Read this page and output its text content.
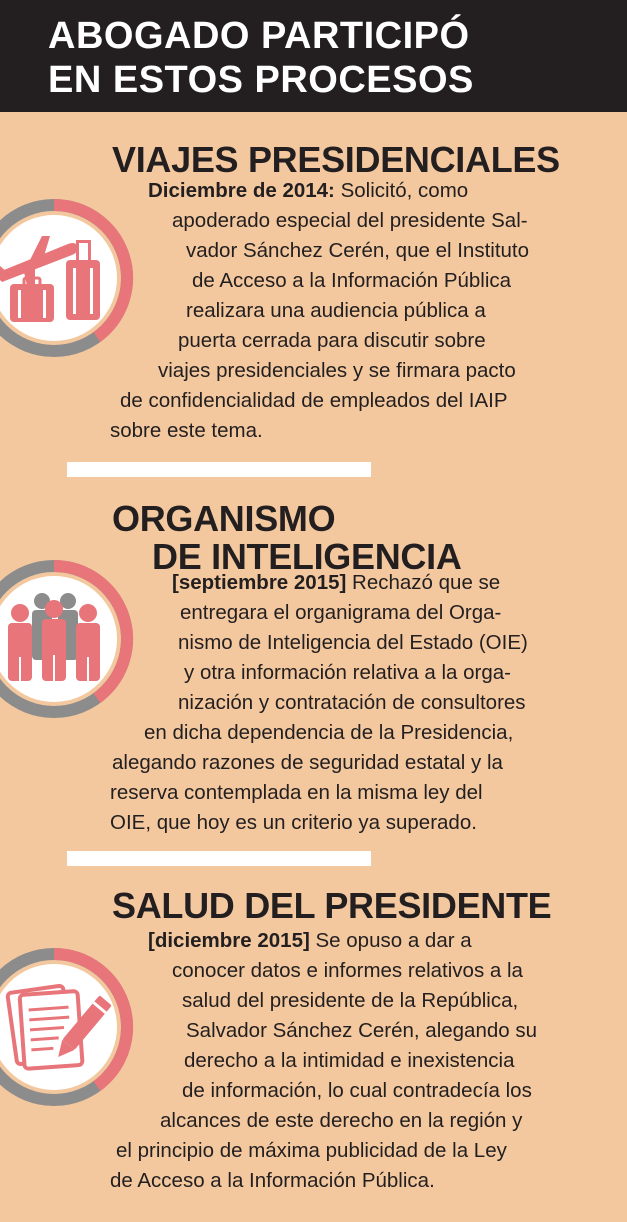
ABOGADO PARTICIPÓ
EN ESTOS PROCESOS
VIAJES PRESIDENCIALES
Diciembre de 2014: Solicitó, como
apoderado especial del presidente Sal-
vador Sánchez Cerén, que el Instituto
de Acceso a la Información Pública
realizara una audiencia pública a
puerta cerrada para discutir sobre
viajes presidenciales y se firmara pacto
de confidencialidad de empleados del IAIP
sobre este tema.
ORGANISMO
DE INTELIGENCIA
[septiembre 2015] Rechazó que se
entregara el organigrama del Orga-
nismo de Inteligencia del Estado (OIE)
y otra información relativa a la orga-
nización y contratación de consultores
en dicha dependencia de la Presidencia,
alegando razones de seguridad estatal y la
reserva contemplada en la misma ley del
OIE, que hoy es un criterio ya superado.
SALUD DEL PRESIDENTE
[diciembre 2015] Se opuso a dar a
conocer datos e informes relativos a la
salud del presidente de la República,
Salvador Sánchez Cerén, alegando su
derecho a la intimidad e inexistencia
de información, lo cual contradecía los
alcances de este derecho en la región y
el principio de máxima publicidad de la Ley
de Acceso a la Información Pública.
